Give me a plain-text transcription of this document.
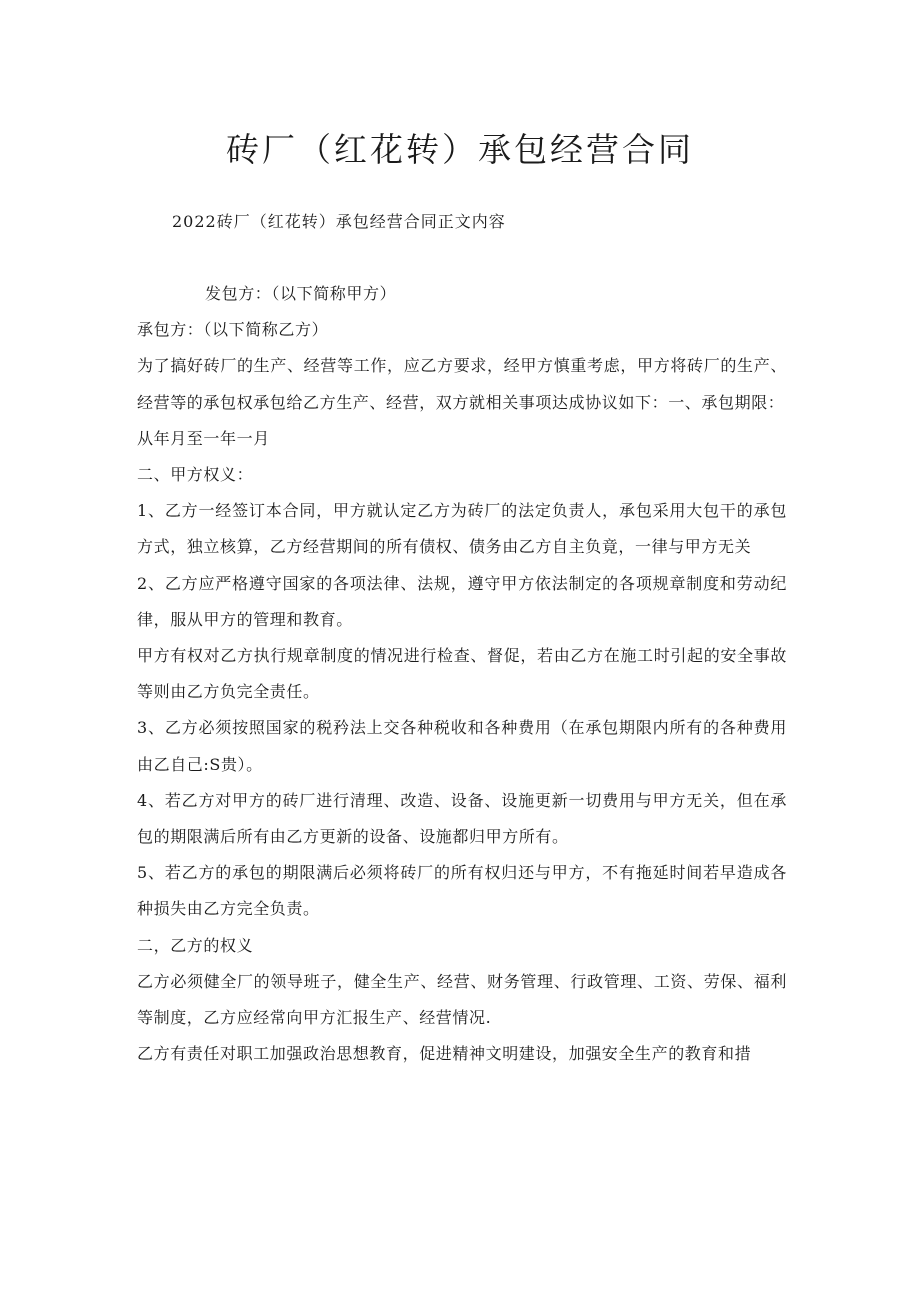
砖厂（红花转）承包经营合同
2022砖厂（红花转）承包经营合同正文内容

发包方：（以下简称甲方）

承包方：（以下简称乙方）

为了搞好砖厂的生产、经营等工作，应乙方要求，经甲方慎重考虑，甲方将砖厂的生产、经营等的承包权承包给乙方生产、经营，双方就相关事项达成协议如下：一、承包期限：

从年月至一年一月

二、甲方权义：

1、乙方一经签订本合同，甲方就认定乙方为砖厂的法定负责人，承包采用大包干的承包方式，独立核算，乙方经营期间的所有债权、债务由乙方自主负竟，一律与甲方无关

2、乙方应严格遵守国家的各项法律、法规，遵守甲方依法制定的各项规章制度和劳动纪律，服从甲方的管理和教育。

甲方有权对乙方执行规章制度的情况进行检查、督促，若由乙方在施工时引起的安全事故等则由乙方负完全责任。

3、乙方必须按照国家的税矜法上交各种税收和各种费用（在承包期限内所有的各种费用由乙自己:S贵）。

4、若乙方对甲方的砖厂进行清理、改造、设备、设施更新一切费用与甲方无关，但在承包的期限满后所有由乙方更新的设备、设施都归甲方所有。

5、若乙方的承包的期限满后必须将砖厂的所有权归还与甲方，不有拖延时间若早造成各种损失由乙方完全负责。

二，乙方的权义

乙方必须健全厂的领导班子，健全生产、经营、财务管理、行政管理、工资、劳保、福利等制度，乙方应经常向甲方汇报生产、经营情况.

乙方有责任对职工加强政治思想教育，促进精神文明建设，加强安全生产的教育和措
